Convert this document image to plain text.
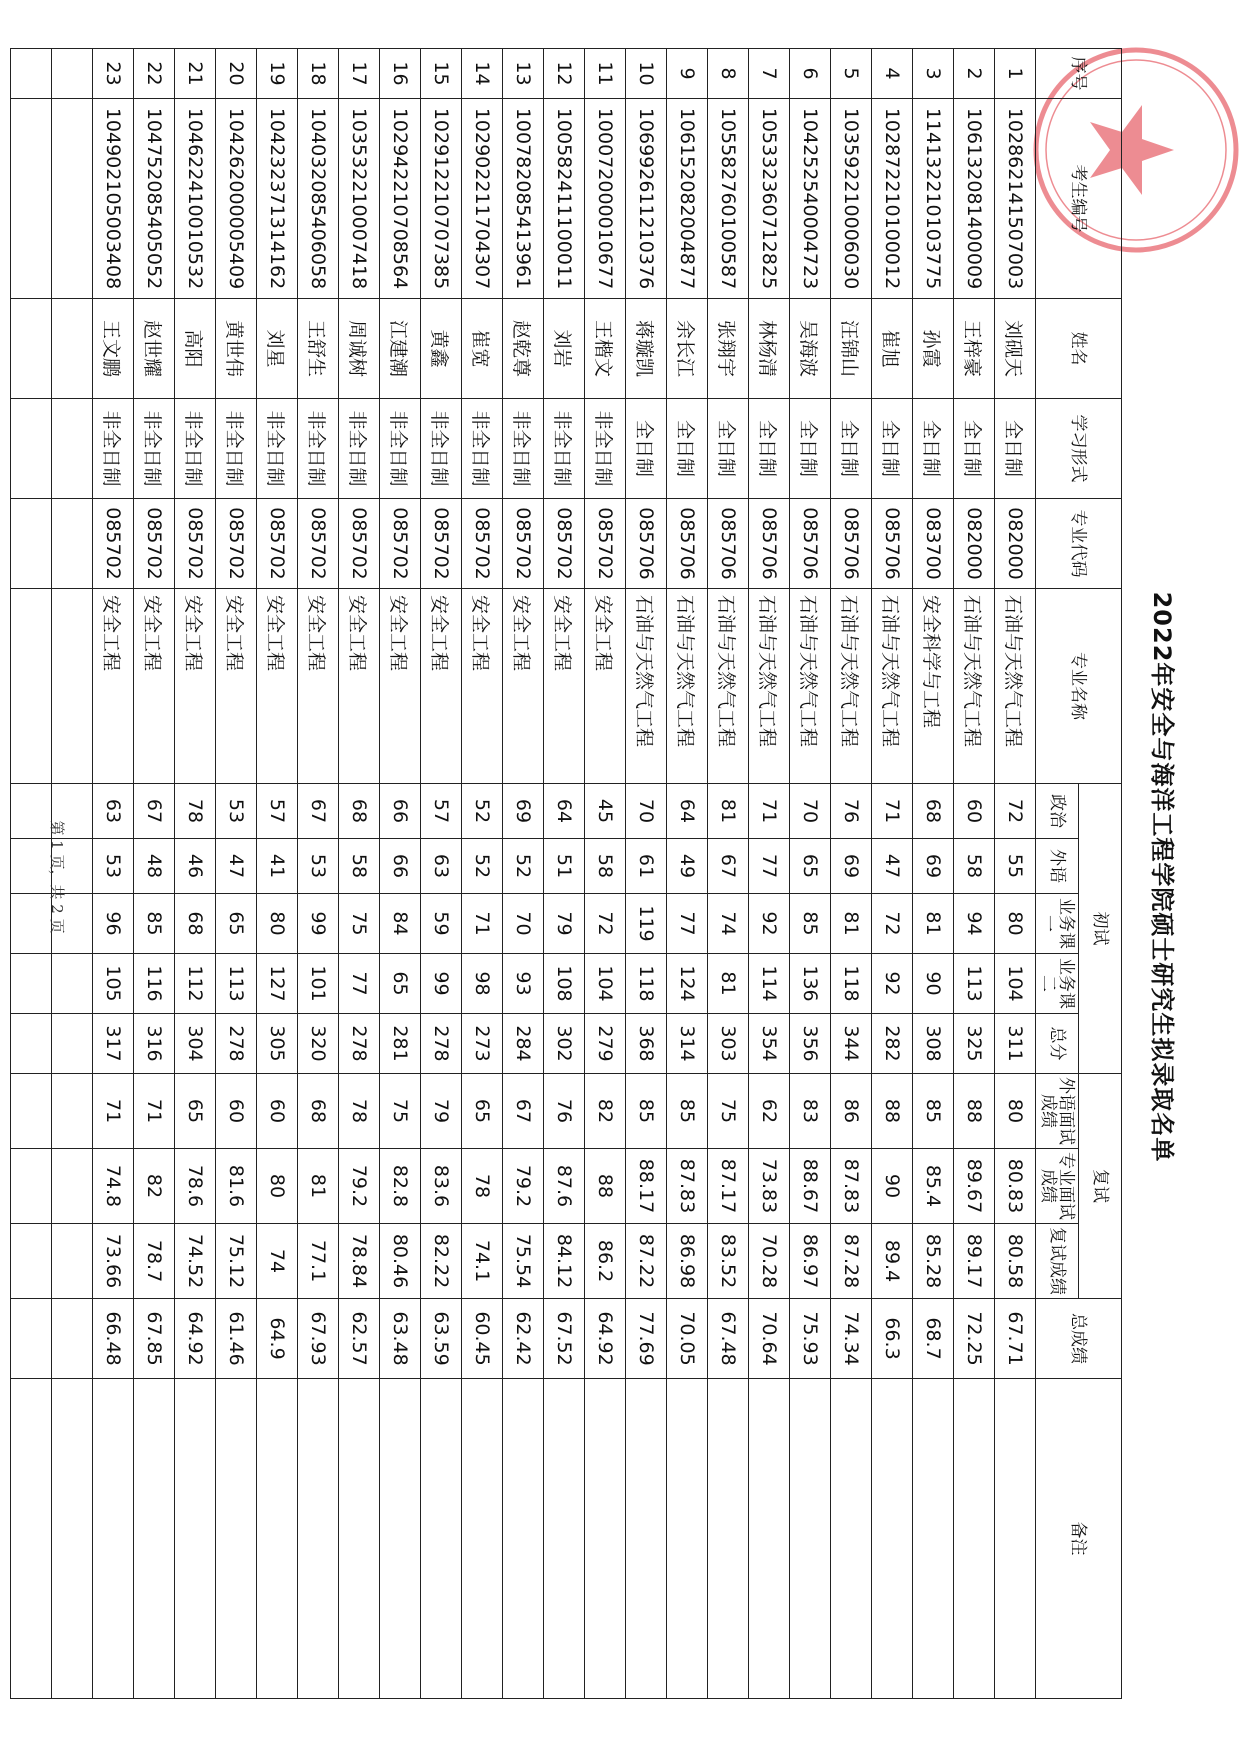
2022年安全与海洋工程学院硕士研究生拟录取名单
序号	考生编号	姓名	学习形式	专业代码	专业名称	初试					复试			总成绩	备注
						政治	外语	业务课一	业务课二	总分	外语面试成绩	专业面试成绩	复试成绩		
1	102862141507003	刘砚天	全日制	082000	石油与天然气工程	72	55	80	104	311	80	80.83	80.58	67.71	
2	106132081400009	王梓豪	全日制	082000	石油与天然气工程	60	58	94	113	325	88	89.67	89.17	72.25	
3	114132210103775	孙霞	全日制	083700	安全科学与工程	68	69	81	90	308	85	85.4	85.28	68.7	
4	102872210100012	崔旭	全日制	085706	石油与天然气工程	71	47	72	92	282	88	90	89.4	66.3	
5	103592210006030	汪锦山	全日制	085706	石油与天然气工程	76	69	81	118	344	86	87.83	87.28	74.34	
6	104252540004723	吴海波	全日制	085706	石油与天然气工程	70	65	85	136	356	83	88.67	86.97	75.93	
7	105332360712825	林杨清	全日制	085706	石油与天然气工程	71	77	92	114	354	62	73.83	70.28	70.64	
8	105582760100587	张翔宇	全日制	085706	石油与天然气工程	81	67	74	81	303	75	87.17	83.52	67.48	
9	106152082004877	余长江	全日制	085706	石油与天然气工程	64	49	77	124	314	85	87.83	86.98	70.05	
10	106992611210376	蒋璇凯	全日制	085706	石油与天然气工程	70	61	119	118	368	85	88.17	87.22	77.69	
11	100072000010677	王楷文	非全日制	085702	安全工程	45	58	72	104	279	82	88	86.2	64.92	
12	100582411100011	刘岩	非全日制	085702	安全工程	64	51	79	108	302	76	87.6	84.12	67.52	
13	100782085413961	赵乾尊	非全日制	085702	安全工程	69	52	70	93	284	67	79.2	75.54	62.42	
14	102902211704307	崔宽	非全日制	085702	安全工程	52	52	71	98	273	65	78	74.1	60.45	
15	102912210707385	黄鑫	非全日制	085702	安全工程	57	63	59	99	278	79	83.6	82.22	63.59	
16	102942210708564	江建潮	非全日制	085702	安全工程	66	66	84	65	281	75	82.8	80.46	63.48	
17	103532210007418	周诚树	非全日制	085702	安全工程	68	58	75	77	278	78	79.2	78.84	62.57	
18	104032085406058	王舒生	非全日制	085702	安全工程	67	53	99	101	320	68	81	77.1	67.93	
19	104232371314162	刘星	非全日制	085702	安全工程	57	41	80	127	305	60	80	74	64.9	
20	104262000005409	黄世伟	非全日制	085702	安全工程	53	47	65	113	278	60	81.6	75.12	61.46	
21	104622410010532	高阳	非全日制	085702	安全工程	78	46	68	112	304	65	78.6	74.52	64.92	
22	104752085405052	赵世耀	非全日制	085702	安全工程	67	48	85	116	316	71	82	78.7	67.85	
23	104902105003408	王文鹏	非全日制	085702	安全工程	63	53	96	105	317	71	74.8	73.66	66.48	

第 1 页，共 2 页
